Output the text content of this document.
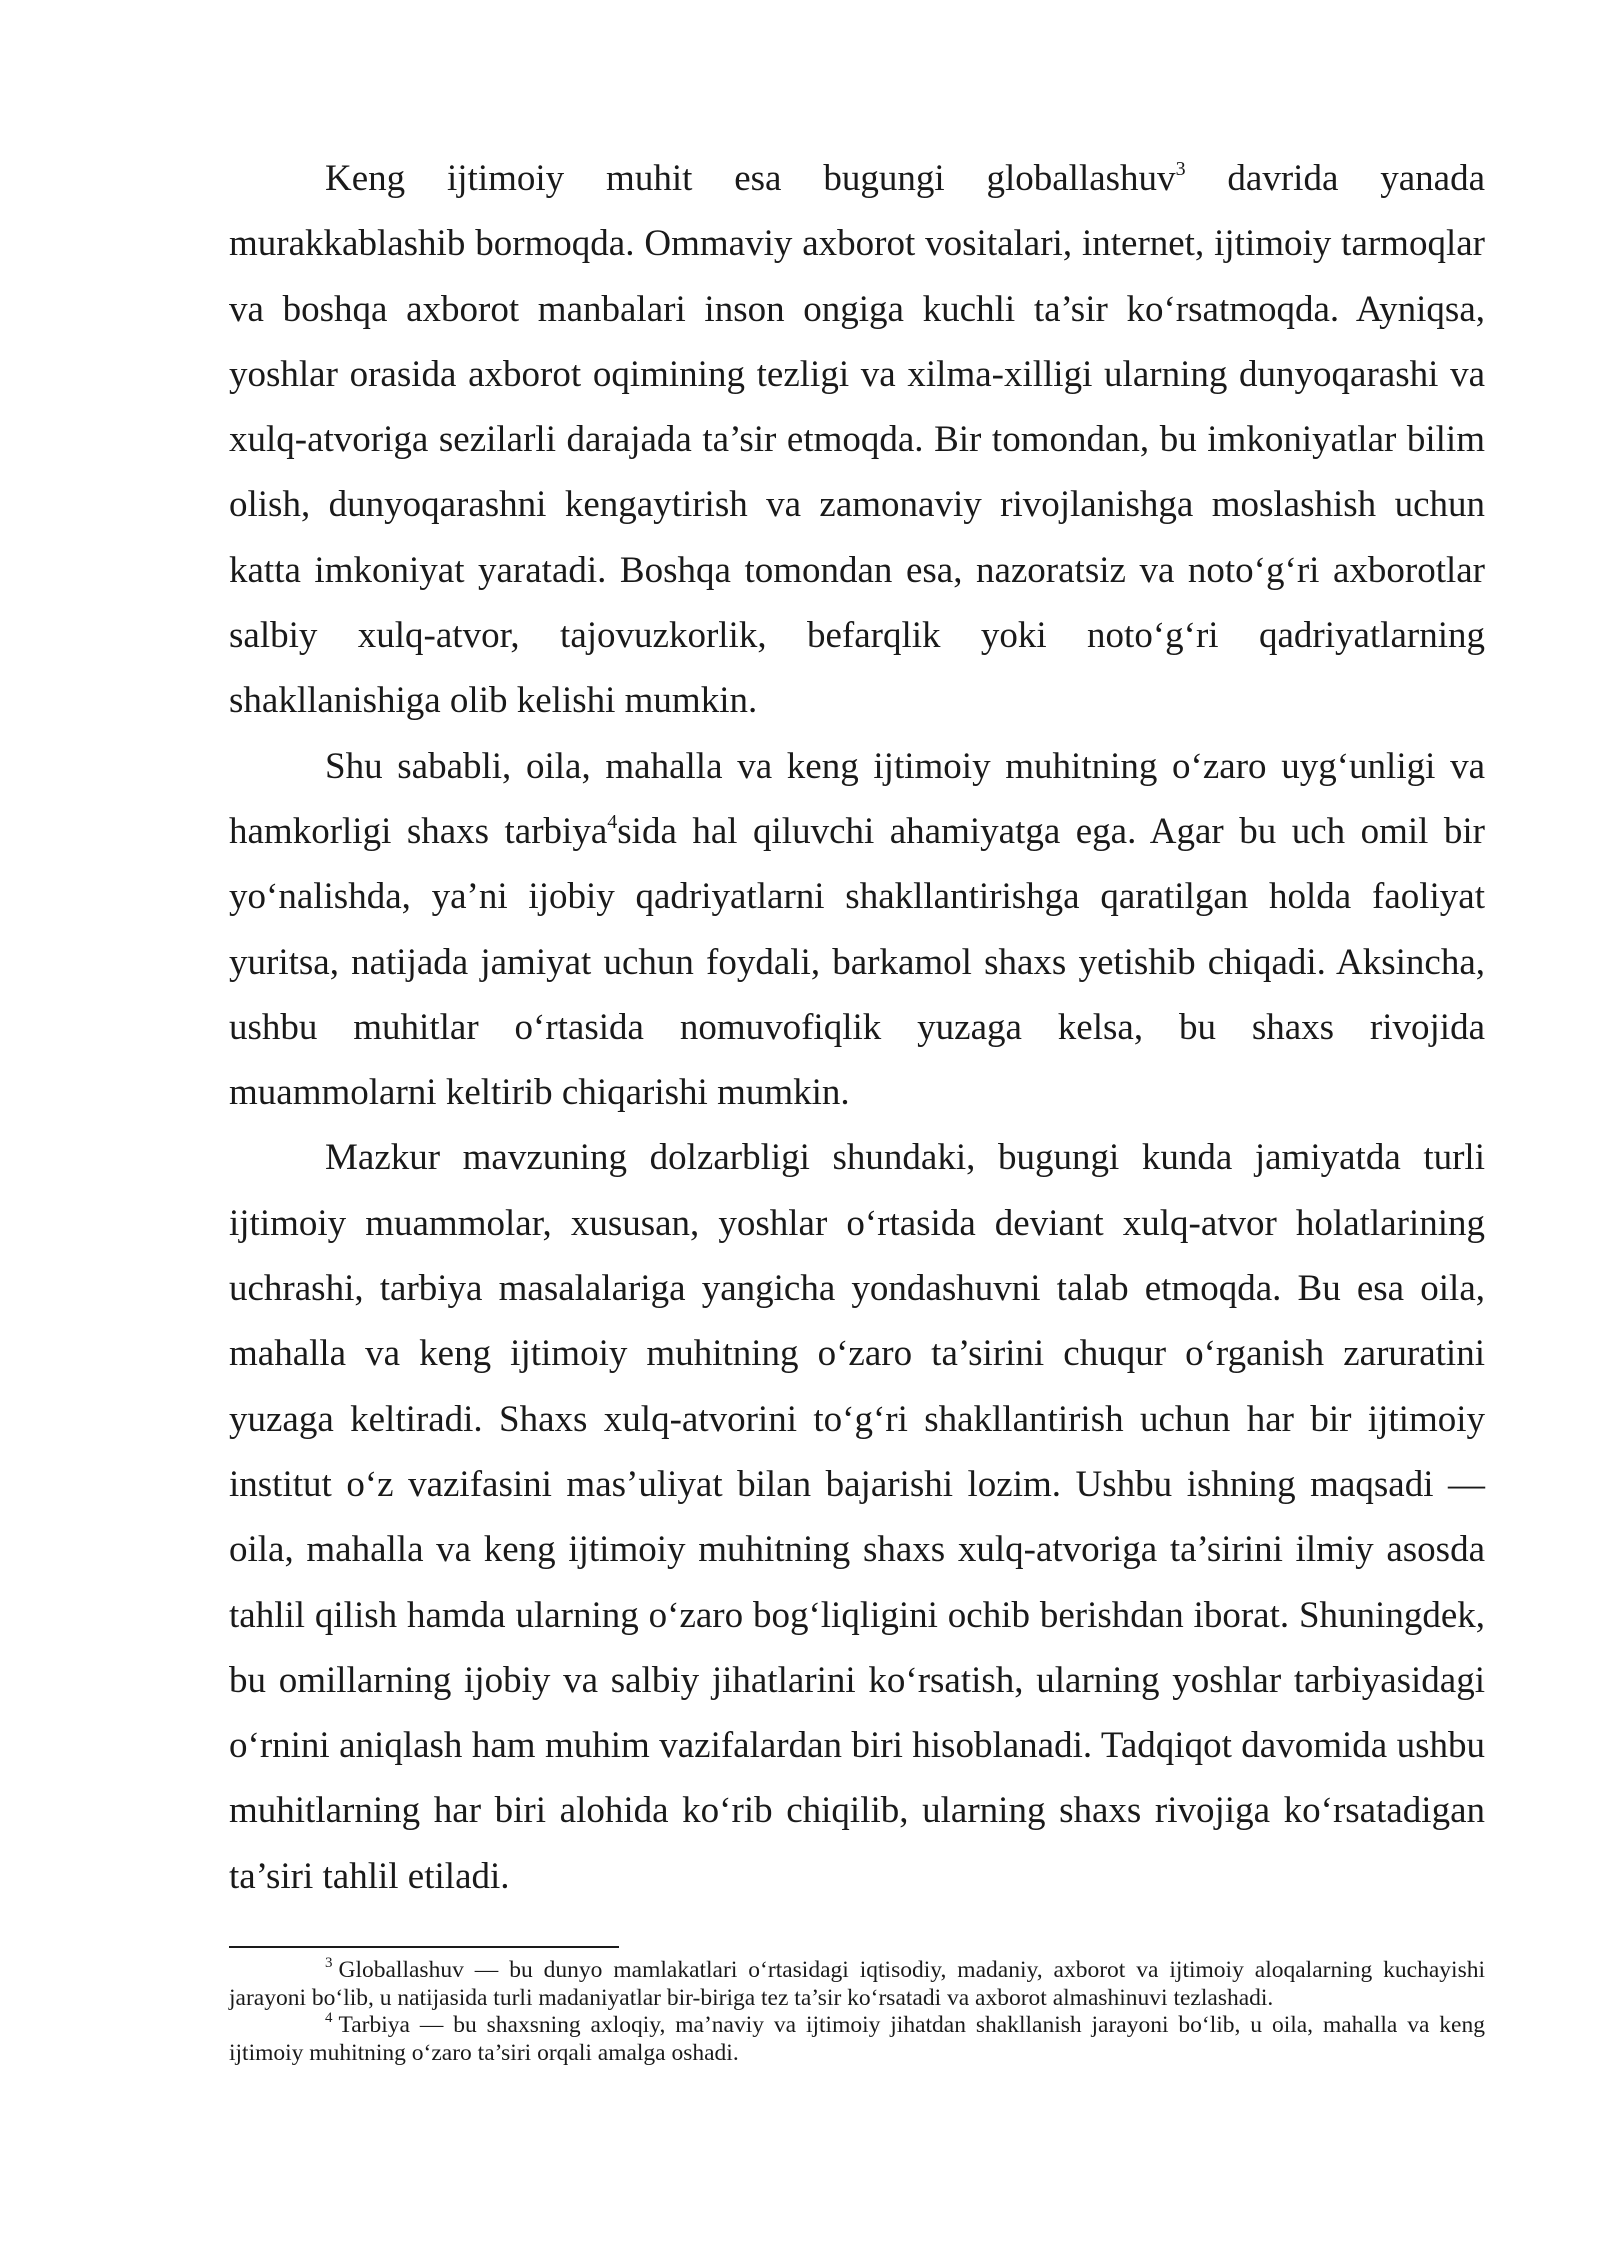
Keng ijtimoiy muhit esa bugungi globallashuv$^3$ davrida yanada murakkablashib bormoqda. Ommaviy axborot vositalari, internet, ijtimoiy tarmoqlar va boshqa axborot manbalari inson ongiga kuchli ta’sir ko‘rsatmoqda. Ayniqsa, yoshlar orasida axborot oqimining tezligi va xilma-xilligi ularning dunyoqarashi va xulq-atvoriga sezilarli darajada ta’sir etmoqda. Bir tomondan, bu imkoniyatlar bilim olish, dunyoqarashni kengaytirish va zamonaviy rivojlanishga moslashish uchun katta imkoniyat yaratadi. Boshqa tomondan esa, nazoratsiz va noto‘g‘ri axborotlar salbiy xulq-atvor, tajovuzkorlik, befarqlik yoki noto‘g‘ri qadriyatlarning shakllanishiga olib kelishi mumkin.

Shu sababli, oila, mahalla va keng ijtimoiy muhitning o‘zaro uyg‘unligi va hamkorligi shaxs tarbiya$^4$sida hal qiluvchi ahamiyatga ega. Agar bu uch omil bir yo‘nalishda, ya’ni ijobiy qadriyatlarni shakllantirishga qaratilgan holda faoliyat yuritsa, natijada jamiyat uchun foydali, barkamol shaxs yetishib chiqadi. Aksincha, ushbu muhitlar o‘rtasida nomuvofiqlik yuzaga kelsa, bu shaxs rivojida muammolarni keltirib chiqarishi mumkin.

Mazkur mavzuning dolzarbligi shundaki, bugungi kunda jamiyatda turli ijtimoiy muammolar, xususan, yoshlar o‘rtasida deviant xulq-atvor holatlarining uchrashi, tarbiya masalalariga yangicha yondashuvni talab etmoqda. Bu esa oila, mahalla va keng ijtimoiy muhitning o‘zaro ta’sirini chuqur o‘rganish zaruratini yuzaga keltiradi. Shaxs xulq-atvorini to‘g‘ri shakllantirish uchun har bir ijtimoiy institut o‘z vazifasini mas’uliyat bilan bajarishi lozim. Ushbu ishning maqsadi — oila, mahalla va keng ijtimoiy muhitning shaxs xulq-atvoriga ta’sirini ilmiy asosda tahlil qilish hamda ularning o‘zaro bog‘liqligini ochib berishdan iborat. Shuningdek, bu omillarning ijobiy va salbiy jihatlarini ko‘rsatish, ularning yoshlar tarbiyasidagi o‘rnini aniqlash ham muhim vazifalardan biri hisoblanadi. Tadqiqot davomida ushbu muhitlarning har biri alohida ko‘rib chiqilib, ularning shaxs rivojiga ko‘rsatadigan ta’siri tahlil etiladi.

$^3$ Globallashuv — bu dunyo mamlakatlari o‘rtasidagi iqtisodiy, madaniy, axborot va ijtimoiy aloqalarning kuchayishi jarayoni bo‘lib, u natijasida turli madaniyatlar bir-biriga tez ta’sir ko‘rsatadi va axborot almashinuvi tezlashadi.

$^4$ Tarbiya — bu shaxsning axloqiy, ma’naviy va ijtimoiy jihatdan shakllanish jarayoni bo‘lib, u oila, mahalla va keng ijtimoiy muhitning o‘zaro ta’siri orqali amalga oshadi.
